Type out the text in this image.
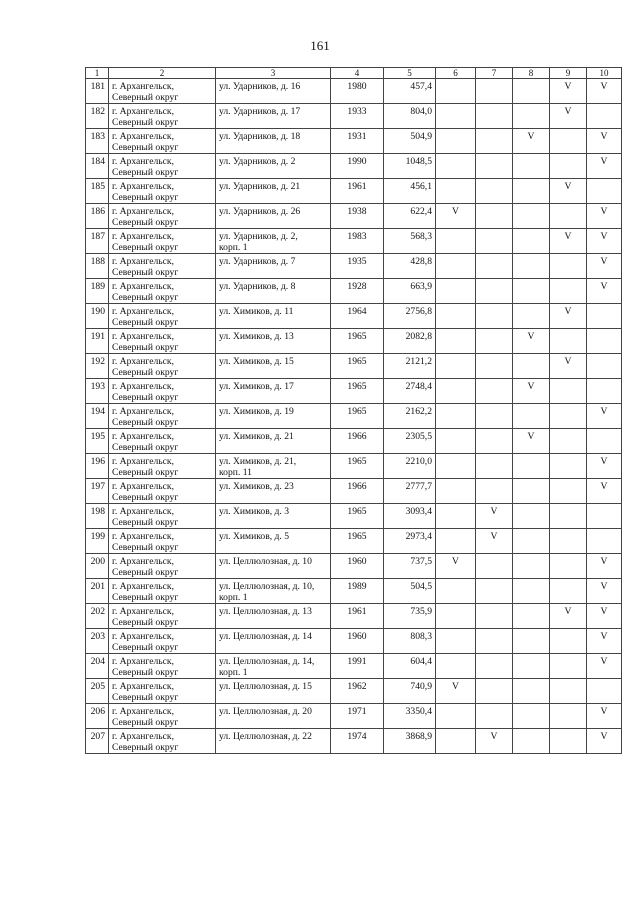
161
1	2	3	4	5	6	7	8	9	10
181	г. Архангельск,
Северный округ	ул. Ударников, д. 16	1980	457,4				V	V
182	г. Архангельск,
Северный округ	ул. Ударников, д. 17	1933	804,0				V	
183	г. Архангельск,
Северный округ	ул. Ударников, д. 18	1931	504,9			V		V
184	г. Архангельск,
Северный округ	ул. Ударников, д. 2	1990	1048,5					V
185	г. Архангельск,
Северный округ	ул. Ударников, д. 21	1961	456,1				V	
186	г. Архангельск,
Северный округ	ул. Ударников, д. 26	1938	622,4	V				V
187	г. Архангельск,
Северный округ	ул. Ударников, д. 2,
корп. 1	1983	568,3				V	V
188	г. Архангельск,
Северный округ	ул. Ударников, д. 7	1935	428,8					V
189	г. Архангельск,
Северный округ	ул. Ударников, д. 8	1928	663,9					V
190	г. Архангельск,
Северный округ	ул. Химиков, д. 11	1964	2756,8				V	
191	г. Архангельск,
Северный округ	ул. Химиков, д. 13	1965	2082,8			V		
192	г. Архангельск,
Северный округ	ул. Химиков, д. 15	1965	2121,2				V	
193	г. Архангельск,
Северный округ	ул. Химиков, д. 17	1965	2748,4			V		
194	г. Архангельск,
Северный округ	ул. Химиков, д. 19	1965	2162,2					V
195	г. Архангельск,
Северный округ	ул. Химиков, д. 21	1966	2305,5			V		
196	г. Архангельск,
Северный округ	ул. Химиков, д. 21,
корп. 11	1965	2210,0					V
197	г. Архангельск,
Северный округ	ул. Химиков, д. 23	1966	2777,7					V
198	г. Архангельск,
Северный округ	ул. Химиков, д. 3	1965	3093,4		V			
199	г. Архангельск,
Северный округ	ул. Химиков, д. 5	1965	2973,4		V			
200	г. Архангельск,
Северный округ	ул. Целлюлозная, д. 10	1960	737,5	V				V
201	г. Архангельск,
Северный округ	ул. Целлюлозная, д. 10,
корп. 1	1989	504,5					V
202	г. Архангельск,
Северный округ	ул. Целлюлозная, д. 13	1961	735,9				V	V
203	г. Архангельск,
Северный округ	ул. Целлюлозная, д. 14	1960	808,3					V
204	г. Архангельск,
Северный округ	ул. Целлюлозная, д. 14,
корп. 1	1991	604,4					V
205	г. Архангельск,
Северный округ	ул. Целлюлозная, д. 15	1962	740,9	V				
206	г. Архангельск,
Северный округ	ул. Целлюлозная, д. 20	1971	3350,4					V
207	г. Архангельск,
Северный округ	ул. Целлюлозная, д. 22	1974	3868,9		V			V
